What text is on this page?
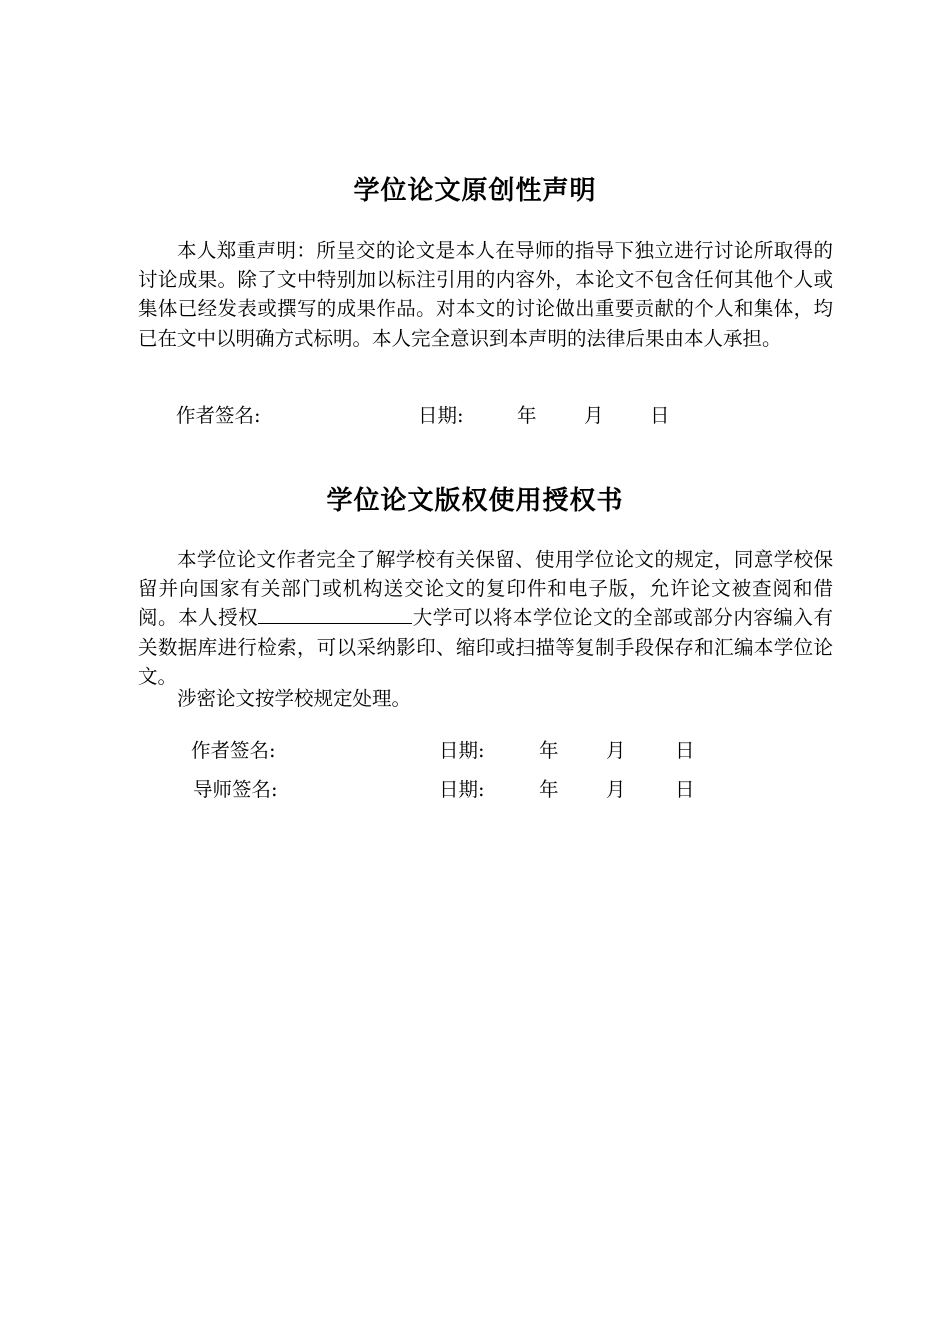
学位论文原创性声明
本人郑重声明：所呈交的论文是本人在导师的指导下独立进行讨论所取得的讨论成果。除了文中特别加以标注引用的内容外，本论文不包含任何其他个人或集体已经发表或撰写的成果作品。对本文的讨论做出重要贡献的个人和集体，均已在文中以明确方式标明。本人完全意识到本声明的法律后果由本人承担。
作者签名:	日期:	年 月 日
学位论文版权使用授权书
本学位论文作者完全了解学校有关保留、使用学位论文的规定，同意学校保留并向国家有关部门或机构送交论文的复印件和电子版，允许论文被查阅和借阅。本人授权	大学可以将本学位论文的全部或部分内容编入有关数据库进行检索，可以采纳影印、缩印或扫描等复制手段保存和汇编本学位论文。
涉密论文按学校规定处理。
作者签名:	日期:	年 月	日
导师签名:	日期:	年 月	日
